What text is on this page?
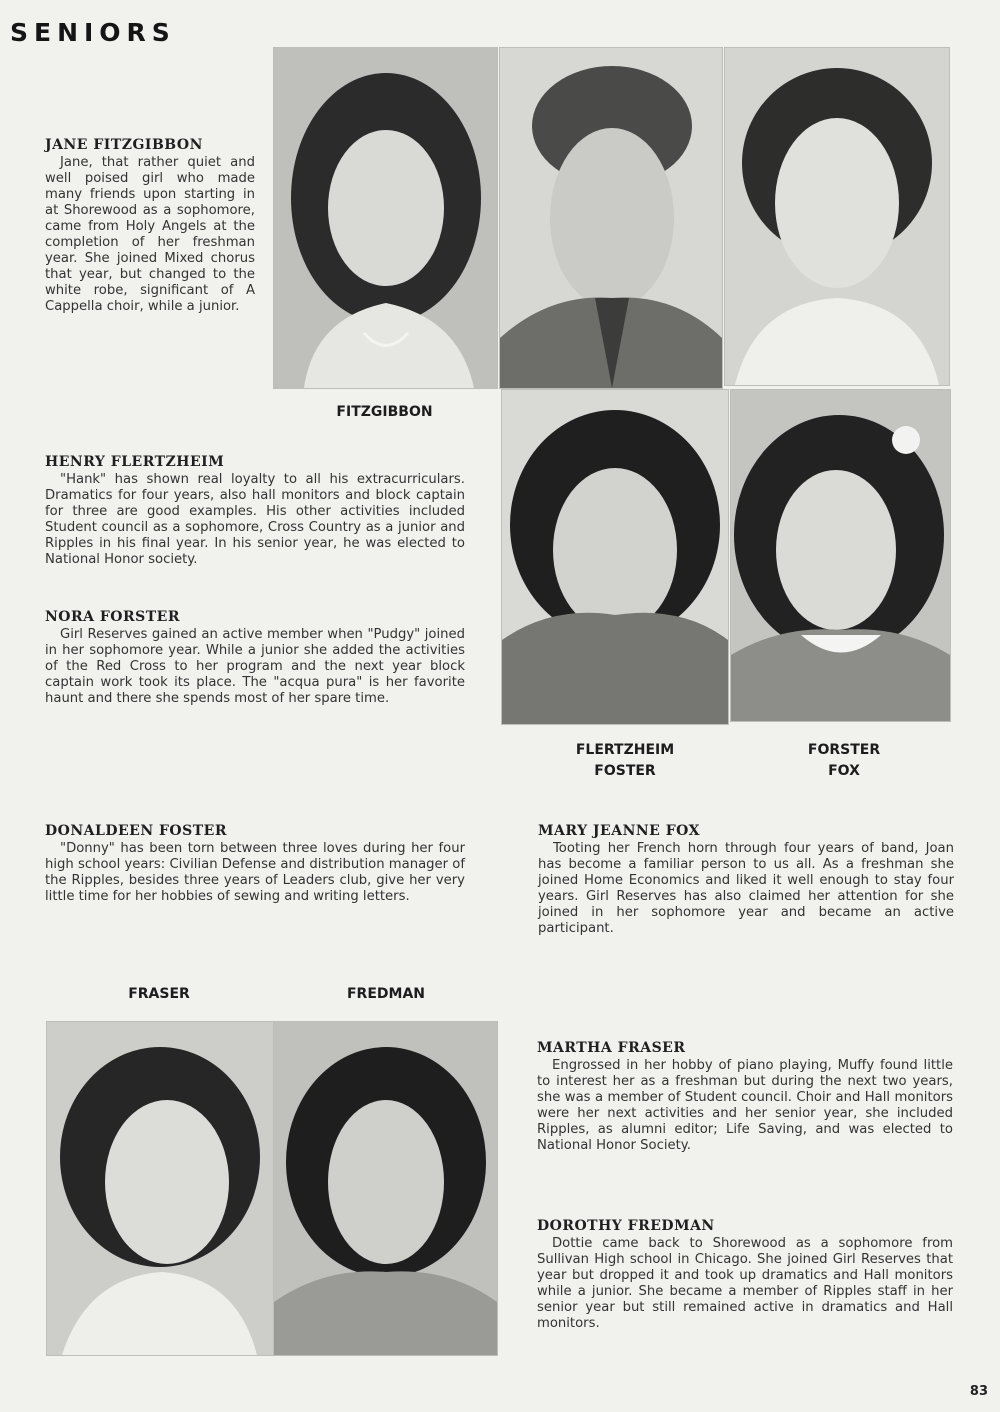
SENIORS
FITZGIBBON
FLERTZHEIM
FOSTER
FORSTER
FOX
FRASER	FREDMAN
JANE FITZGIBBON

Jane, that rather quiet and well poised girl who made many friends upon starting in at Shorewood as a sophomore, came from Holy Angels at the completion of her freshman year. She joined Mixed chorus that year, but changed to the white robe, significant of A Cappella choir, while a junior.

HENRY FLERTZHEIM

"Hank" has shown real loyalty to all his extracurriculars. Dramatics for four years, also hall monitors and block captain for three are good examples. His other activities included Student council as a sophomore, Cross Country as a junior and Ripples in his final year. In his senior year, he was elected to National Honor society.

NORA FORSTER

Girl Reserves gained an active member when "Pudgy" joined in her sophomore year. While a junior she added the activities of the Red Cross to her program and the next year block captain work took its place. The "acqua pura" is her favorite haunt and there she spends most of her spare time.

DONALDEEN FOSTER

"Donny" has been torn between three loves during her four high school years: Civilian Defense and distribution manager of the Ripples, besides three years of Leaders club, give her very little time for her hobbies of sewing and writing letters.

MARY JEANNE FOX

Tooting her French horn through four years of band, Joan has become a familiar person to us all. As a freshman she joined Home Economics and liked it well enough to stay four years. Girl Reserves has also claimed her attention for she joined in her sophomore year and became an active participant.

MARTHA FRASER

Engrossed in her hobby of piano playing, Muffy found little to interest her as a freshman but during the next two years, she was a member of Student council. Choir and Hall monitors were her next activities and her senior year, she included Ripples, as alumni editor; Life Saving, and was elected to National Honor Society.

DOROTHY FREDMAN

Dottie came back to Shorewood as a sophomore from Sullivan High school in Chicago. She joined Girl Reserves that year but dropped it and took up dramatics and Hall monitors while a junior. She became a member of Ripples staff in her senior year but still remained active in dramatics and Hall monitors.

83
